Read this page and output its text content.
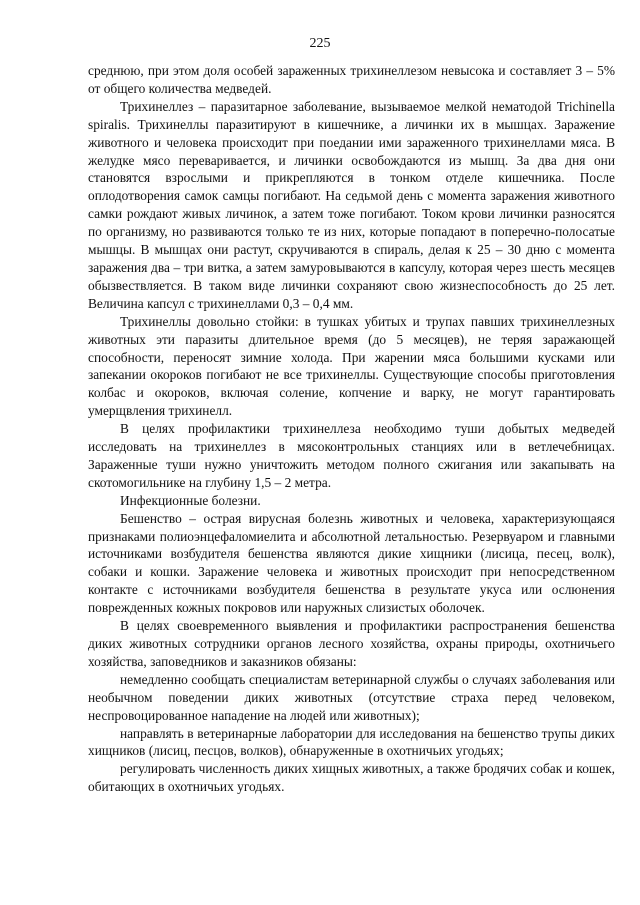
225

среднюю, при этом доля особей зараженных трихинеллезом невысока и составляет 3 – 5% от общего количества медведей.

Трихинеллез – паразитарное заболевание, вызываемое мелкой нематодой Trichinella spiralis. Трихинеллы паразитируют в кишечнике, а личинки их в мышцах. Заражение животного и человека происходит при поедании ими зараженного трихинеллами мяса. В желудке мясо переваривается, и личинки освобождаются из мышц. За два дня они становятся взрослыми и прикрепляются в тонком отделе кишечника. После оплодотворения самок самцы погибают. На седьмой день с момента заражения животного самки рождают живых личинок, а затем тоже погибают. Током крови личинки разносятся по организму, но развиваются только те из них, которые попадают в поперечно-полосатые мышцы. В мышцах они растут, скручиваются в спираль, делая к 25 – 30 дню с момента заражения два – три витка, а затем замуровываются в капсулу, которая через шесть месяцев обызвествляется. В таком виде личинки сохраняют свою жизнеспособность до 25 лет. Величина капсул с трихинеллами 0,3 – 0,4 мм.

Трихинеллы довольно стойки: в тушках убитых и трупах павших трихинеллезных животных эти паразиты длительное время (до 5 месяцев), не теряя заражающей способности, переносят зимние холода. При жарении мяса большими кусками или запекании окороков погибают не все трихинеллы. Существующие способы приготовления колбас и окороков, включая соление, копчение и варку, не могут гарантировать умерщвления трихинелл.

В целях профилактики трихинеллеза необходимо туши добытых медведей исследовать на трихинеллез в мясоконтрольных станциях или в ветлечебницах. Зараженные туши нужно уничтожить методом полного сжигания или закапывать на скотомогильнике на глубину 1,5 – 2 метра.

Инфекционные болезни.

Бешенство – острая вирусная болезнь животных и человека, характеризующаяся признаками полиоэнцефаломиелита и абсолютной летальностью. Резервуаром и главными источниками возбудителя бешенства являются дикие хищники (лисица, песец, волк), собаки и кошки. Заражение человека и животных происходит при непосредственном контакте с источниками возбудителя бешенства в результате укуса или ослюнения поврежденных кожных покровов или наружных слизистых оболочек.

В целях своевременного выявления и профилактики распространения бешенства диких животных сотрудники органов лесного хозяйства, охраны природы, охотничьего хозяйства, заповедников и заказников обязаны:

немедленно сообщать специалистам ветеринарной службы о случаях заболевания или необычном поведении диких животных (отсутствие страха перед человеком, неспровоцированное нападение на людей или животных);

направлять в ветеринарные лаборатории для исследования на бешенство трупы диких хищников (лисиц, песцов, волков), обнаруженные в охотничьих угодьях;

регулировать численность диких хищных животных, а также бродячих собак и кошек, обитающих в охотничьих угодьях.
